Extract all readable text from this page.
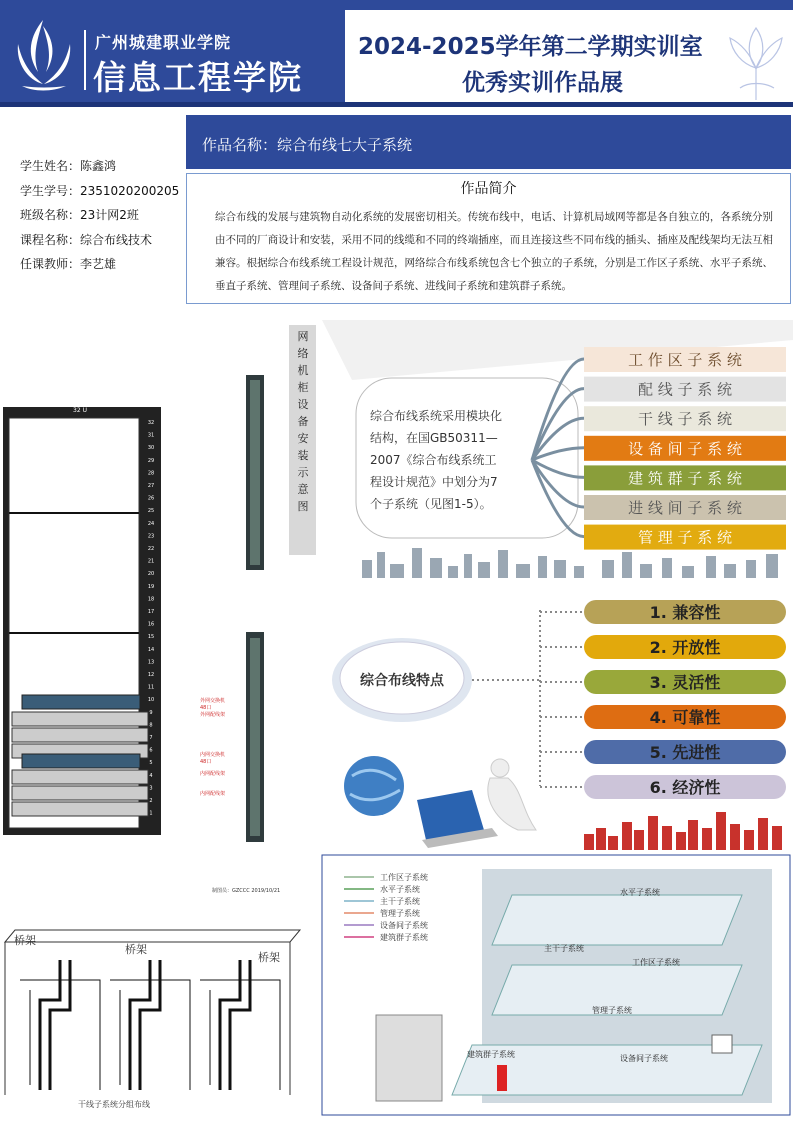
广州城建职业学院
信息工程学院
2024-2025学年第二学期实训室
优秀实训作品展
学生姓名：陈鑫鸿
学生学号：2351020200205
班级名称：23计网2班
课程名称：综合布线技术
任课教师：李艺雄
作品名称：综合布线七大子系统
作品简介
综合布线的发展与建筑物自动化系统的发展密切相关。传统布线中，电话、计算机局域网等都是各自独立的，各系统分别由不同的厂商设计和安装，采用不同的线缆和不同的终端插座，而且连接这些不同布线的插头、插座及配线架均无法互相兼容。根据综合布线系统工程设计规范，网络综合布线系统包含七个独立的子系统，分别是工作区子系统、水平子系统、垂直子系统、管理间子系统、设备间子系统、进线间子系统和建筑群子系统。
32 U
32
31
30
29
28
27
26
25
24
23
22
21
20
19
18
17
16
15
14
13
12
11
10
9
8
7
6
5
4
3
2
1
外网交换机
48口
外网配线架
内网交换机
48口
内网配线架
内网配线架
网络机柜设备安装示意图
制图员：GZCCC 2019/10/21
综合布线系统采用模块化
结构，在国GB50311—
2007《综合布线系统工
程设计规范》中划分为7
个子系统（见图1-5）。
工 作 区 子 系 统
配 线 子 系 统
干 线 子 系 统
设 备 间 子 系 统
建 筑 群 子 系 统
进 线 间 子 系 统
管 理 子 系 统
综合布线特点
1. 兼容性
2. 开放性
3. 灵活性
4. 可靠性
5. 先进性
6. 经济性
桥架
桥架
桥架
干线子系统分组布线
工作区子系统
水平子系统
主干子系统
管理子系统
设备间子系统
建筑群子系统
水平子系统
主干子系统
工作区子系统
管理子系统
建筑群子系统	设备间子系统
